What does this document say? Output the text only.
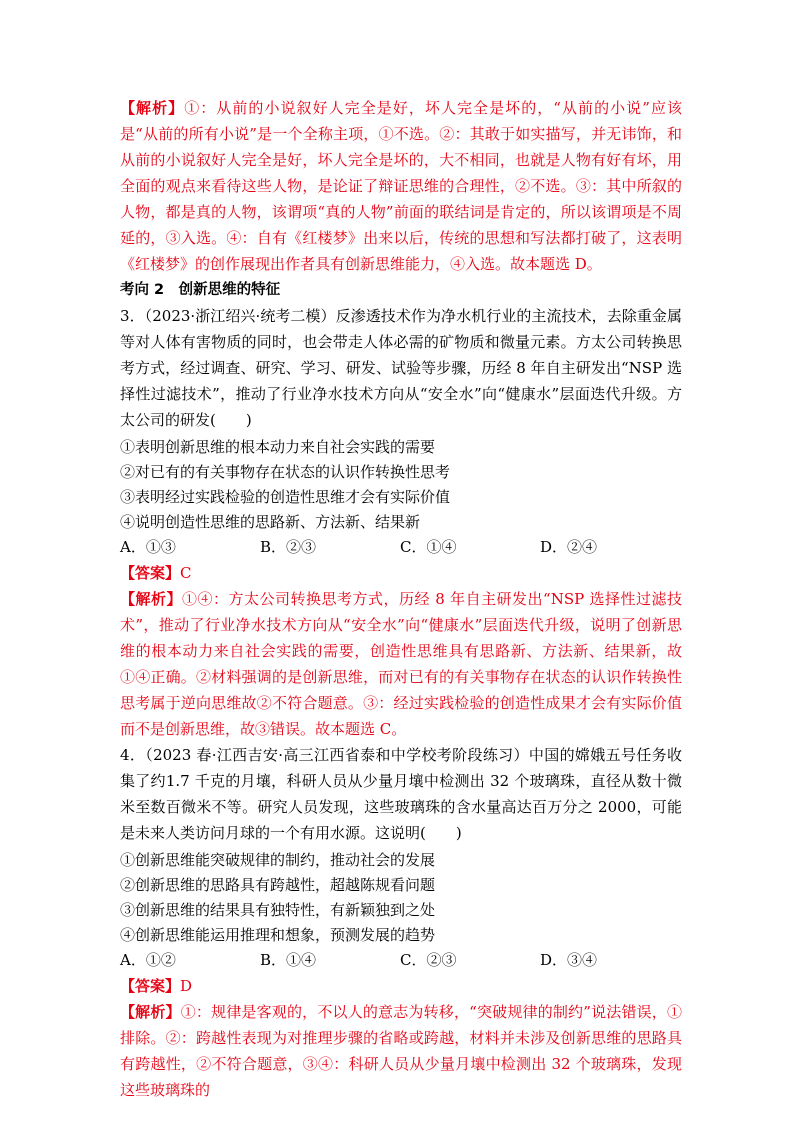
【解析】①：从前的小说叙好人完全是好，坏人完全是坏的，“从前的小说”应该是“从前的所有小说”是一个全称主项，①不选。②：其敢于如实描写，并无讳饰，和从前的小说叙好人完全是好，坏人完全是坏的，大不相同，也就是人物有好有坏，用全面的观点来看待这些人物，是论证了辩证思维的合理性，②不选。③：其中所叙的人物，都是真的人物，该谓项“真的人物”前面的联结词是肯定的，所以该谓项是不周延的，③入选。④：自有《红楼梦》出来以后，传统的思想和写法都打破了，这表明《红楼梦》的创作展现出作者具有创新思维能力，④入选。故本题选 D。

考向 2　创新思维的特征

3．（2023·浙江绍兴·统考二模）反渗透技术作为净水机行业的主流技术，去除重金属等对人体有害物质的同时，也会带走人体必需的矿物质和微量元素。方太公司转换思考方式，经过调查、研究、学习、研发、试验等步骤，历经 8 年自主研发出“NSP 选择性过滤技术”，推动了行业净水技术方向从“安全水”向“健康水”层面迭代升级。方太公司的研发(　　)

①表明创新思维的根本动力来自社会实践的需要

②对已有的有关事物存在状态的认识作转换性思考

③表明经过实践检验的创造性思维才会有实际价值

④说明创造性思维的思路新、方法新、结果新

A．①③	B．②③	C．①④	D．②④

【答案】C

【解析】①④：方太公司转换思考方式，历经 8 年自主研发出“NSP 选择性过滤技术”，推动了行业净水技术方向从“安全水”向“健康水”层面迭代升级，说明了创新思维的根本动力来自社会实践的需要，创造性思维具有思路新、方法新、结果新，故①④正确。②材料强调的是创新思维，而对已有的有关事物存在状态的认识作转换性思考属于逆向思维故②不符合题意。③：经过实践检验的创造性成果才会有实际价值而不是创新思维，故③错误。故本题选 C。

4．（2023 春·江西吉安·高三江西省泰和中学校考阶段练习）中国的嫦娥五号任务收集了约1.7 千克的月壤，科研人员从少量月壤中检测出 32 个玻璃珠，直径从数十微米至数百微米不等。研究人员发现，这些玻璃珠的含水量高达百万分之 2000，可能是未来人类访问月球的一个有用水源。这说明(　　)

①创新思维能突破规律的制约，推动社会的发展

②创新思维的思路具有跨越性，超越陈规看问题

③创新思维的结果具有独特性，有新颖独到之处

④创新思维能运用推理和想象，预测发展的趋势

A．①②	B．①④	C．②③	D．③④

【答案】D

【解析】①：规律是客观的，不以人的意志为转移，“突破规律的制约”说法错误，①排除。②：跨越性表现为对推理步骤的省略或跨越，材料并未涉及创新思维的思路具有跨越性，②不符合题意，③④：科研人员从少量月壤中检测出 32 个玻璃珠，发现这些玻璃珠的
